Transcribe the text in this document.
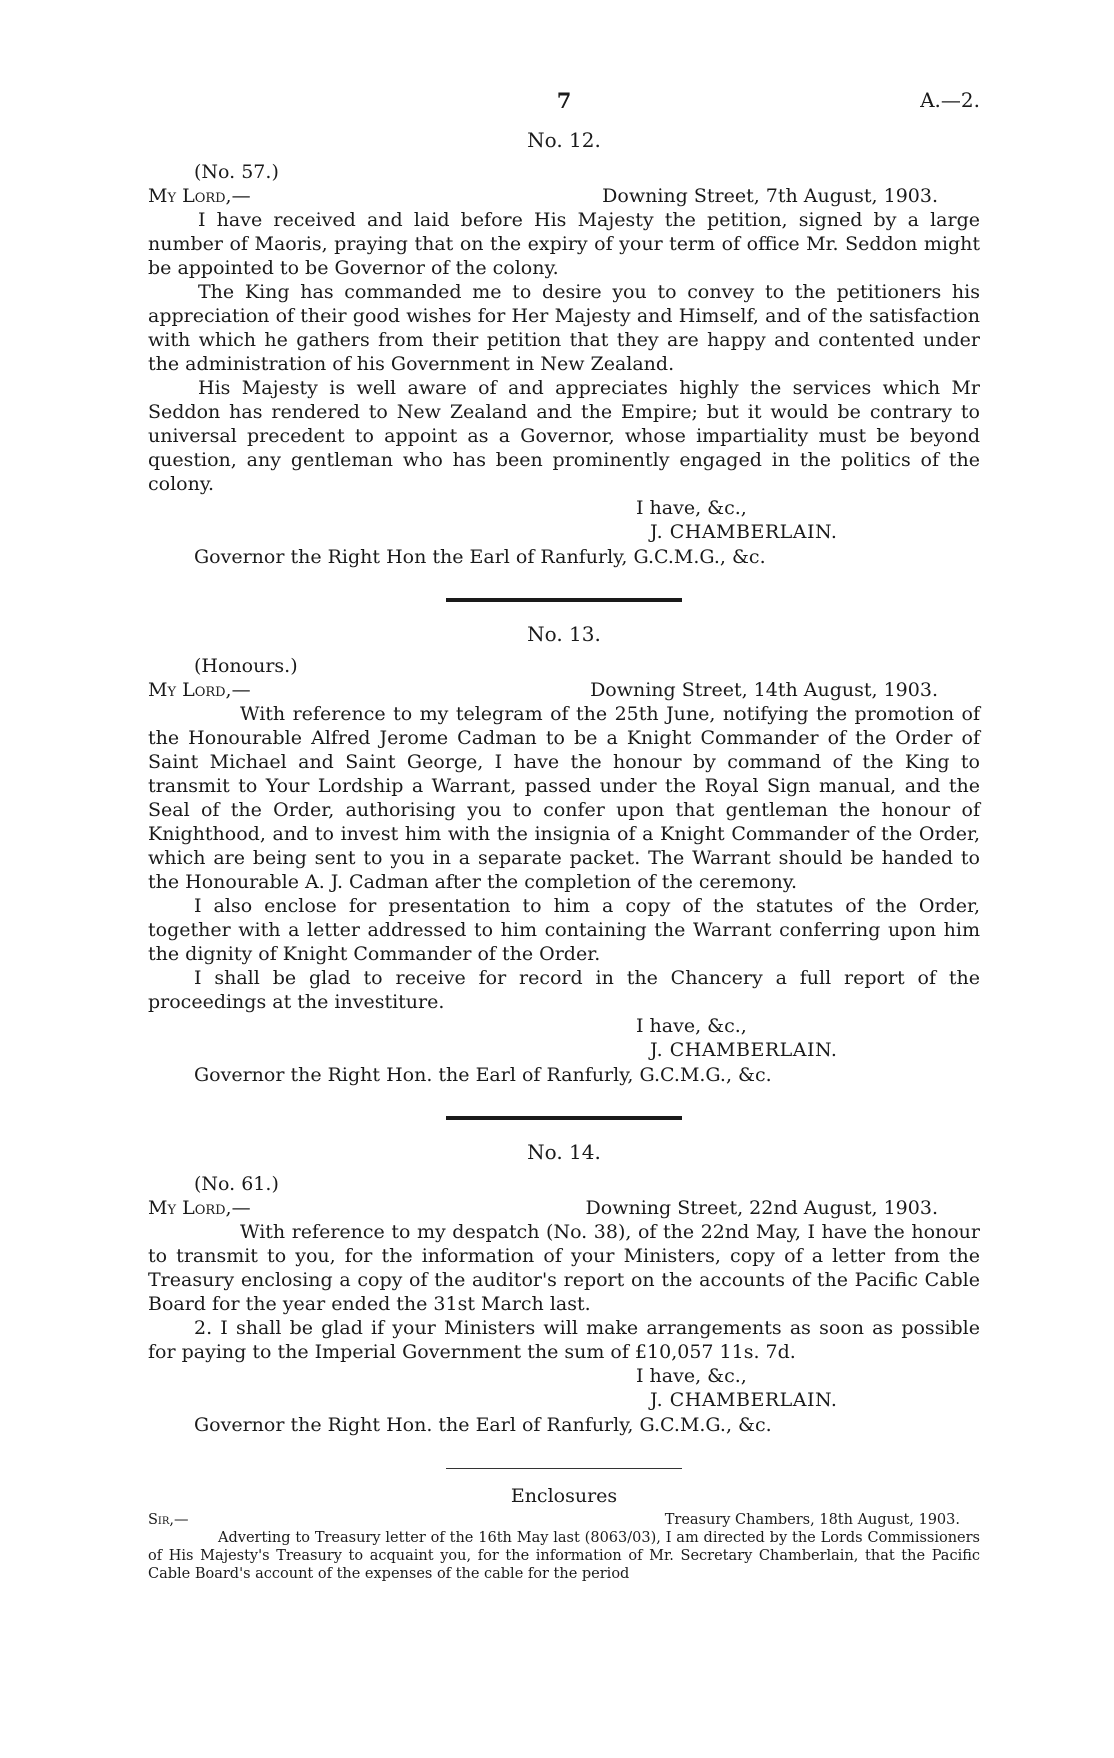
7	A.—2.
No. 12.
(No. 57.)
My Lord,—	Downing Street, 7th August, 1903.

I have received and laid before His Majesty the petition, signed by a large number of Maoris, praying that on the expiry of your term of office Mr. Seddon might be appointed to be Governor of the colony.

The King has commanded me to desire you to convey to the petitioners his appreciation of their good wishes for Her Majesty and Himself, and of the satisfaction with which he gathers from their petition that they are happy and contented under the administration of his Government in New Zealand.

His Majesty is well aware of and appreciates highly the services which Mr Seddon has rendered to New Zealand and the Empire; but it would be contrary to universal precedent to appoint as a Governor, whose impartiality must be beyond question, any gentleman who has been prominently engaged in the politics of the colony.

I have, &c.,
J. CHAMBERLAIN.
Governor the Right Hon the Earl of Ranfurly, G.C.M.G., &c.
No. 13.
(Honours.)
My Lord,—	Downing Street, 14th August, 1903.

With reference to my telegram of the 25th June, notifying the promotion of the Honourable Alfred Jerome Cadman to be a Knight Commander of the Order of Saint Michael and Saint George, I have the honour by command of the King to transmit to Your Lordship a Warrant, passed under the Royal Sign manual, and the Seal of the Order, authorising you to confer upon that gentleman the honour of Knighthood, and to invest him with the insignia of a Knight Commander of the Order, which are being sent to you in a separate packet. The Warrant should be handed to the Honourable A. J. Cadman after the completion of the ceremony.

I also enclose for presentation to him a copy of the statutes of the Order, together with a letter addressed to him containing the Warrant conferring upon him the dignity of Knight Commander of the Order.

I shall be glad to receive for record in the Chancery a full report of the proceedings at the investiture.

I have, &c.,
J. CHAMBERLAIN.
Governor the Right Hon. the Earl of Ranfurly, G.C.M.G., &c.
No. 14.
(No. 61.)
My Lord,—	Downing Street, 22nd August, 1903.

With reference to my despatch (No. 38), of the 22nd May, I have the honour to transmit to you, for the information of your Ministers, copy of a letter from the Treasury enclosing a copy of the auditor's report on the accounts of the Pacific Cable Board for the year ended the 31st March last.

2. I shall be glad if your Ministers will make arrangements as soon as possible for paying to the Imperial Government the sum of £10,057 11s. 7d.

I have, &c.,
J. CHAMBERLAIN.
Governor the Right Hon. the Earl of Ranfurly, G.C.M.G., &c.
Enclosures
Sir,—	Treasury Chambers, 18th August, 1903.

Adverting to Treasury letter of the 16th May last (8063/03), I am directed by the Lords Commissioners of His Majesty's Treasury to acquaint you, for the information of Mr. Secretary Chamberlain, that the Pacific Cable Board's account of the expenses of the cable for the period
